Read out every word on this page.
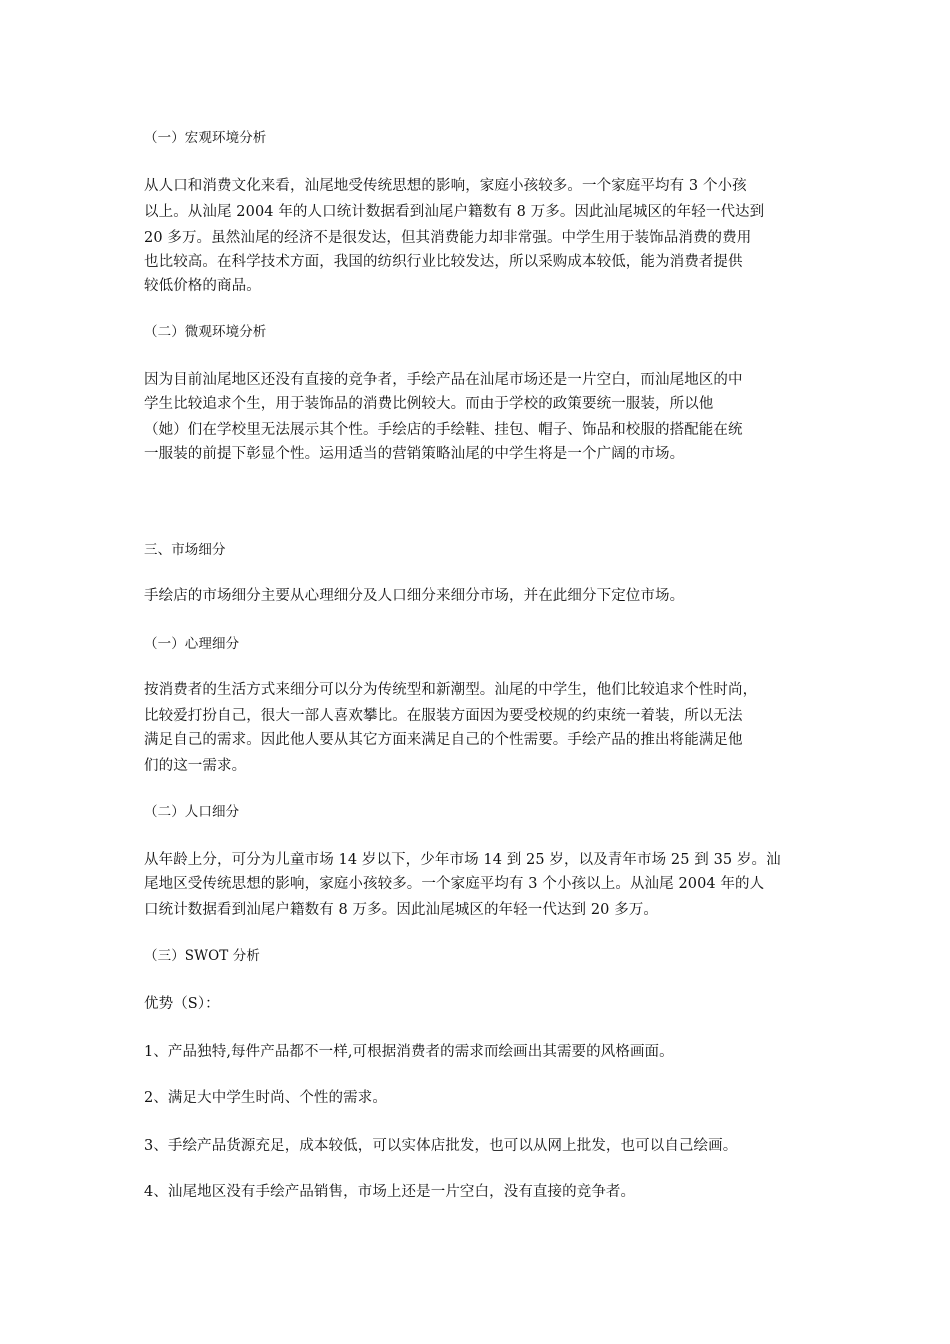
（一）宏观环境分析
从人口和消费文化来看，汕尾地受传统思想的影响，家庭小孩较多。一个家庭平均有 3 个小孩
以上。从汕尾 2004 年的人口统计数据看到汕尾户籍数有 8 万多。因此汕尾城区的年轻一代达到
20 多万。虽然汕尾的经济不是很发达，但其消费能力却非常强。中学生用于装饰品消费的费用
也比较高。在科学技术方面，我国的纺织行业比较发达，所以采购成本较低，能为消费者提供
较低价格的商品。
（二）微观环境分析
因为目前汕尾地区还没有直接的竞争者，手绘产品在汕尾市场还是一片空白，而汕尾地区的中
学生比较追求个生，用于装饰品的消费比例较大。而由于学校的政策要统一服装，所以他
（她）们在学校里无法展示其个性。手绘店的手绘鞋、挂包、帽子、饰品和校服的搭配能在统
一服装的前提下彰显个性。运用适当的营销策略汕尾的中学生将是一个广阔的市场。
三、市场细分
手绘店的市场细分主要从心理细分及人口细分来细分市场，并在此细分下定位市场。
（一）心理细分
按消费者的生活方式来细分可以分为传统型和新潮型。汕尾的中学生，他们比较追求个性时尚，
比较爱打扮自己，很大一部人喜欢攀比。在服装方面因为要受校规的约束统一着装，所以无法
满足自己的需求。因此他人要从其它方面来满足自己的个性需要。手绘产品的推出将能满足他
们的这一需求。
（二）人口细分
从年龄上分，可分为儿童市场 14 岁以下，少年市场 14 到 25 岁，以及青年市场 25 到 35 岁。汕
尾地区受传统思想的影响，家庭小孩较多。一个家庭平均有 3 个小孩以上。从汕尾 2004 年的人
口统计数据看到汕尾户籍数有 8 万多。因此汕尾城区的年轻一代达到 20 多万。
（三）SWOT 分析
优势（S）：
1、产品独特,每件产品都不一样,可根据消费者的需求而绘画出其需要的风格画面。
2、满足大中学生时尚、个性的需求。
3、手绘产品货源充足，成本较低，可以实体店批发，也可以从网上批发，也可以自己绘画。
4、汕尾地区没有手绘产品销售，市场上还是一片空白，没有直接的竞争者。
